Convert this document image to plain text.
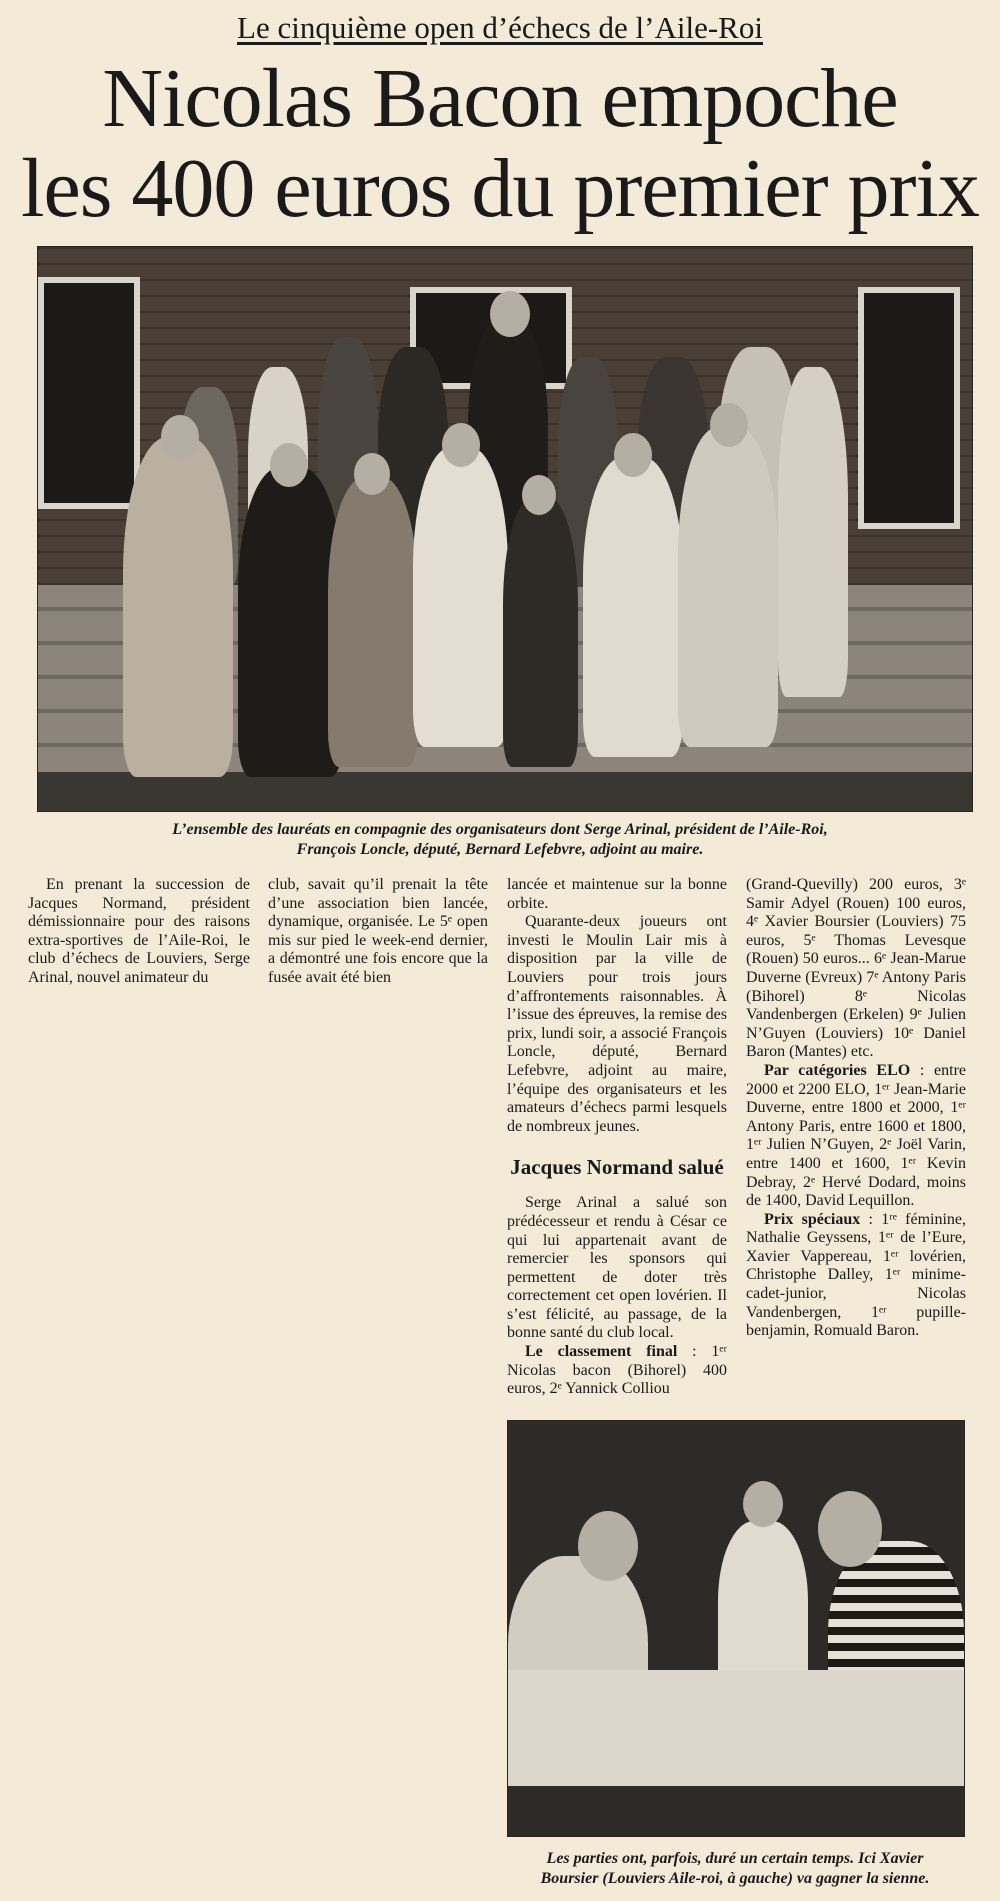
Le cinquième open d’échecs de l’Aile-Roi
Nicolas Bacon empoche
les 400 euros du premier prix
L’ensemble des lauréats en compagnie des organisateurs dont Serge Arinal, président de l’Aile-Roi,
François Loncle, député, Bernard Lefebvre, adjoint au maire.

En prenant la succession de Jacques Normand, président démissionnaire pour des raisons extra-sportives de l’Aile-Roi, le club d’échecs de Louviers, Serge Arinal, nouvel animateur du

club, savait qu’il prenait la tête d’une association bien lancée, dynamique, organisée. Le 5ᵉ open mis sur pied le week-end dernier, a démontré une fois encore que la fusée avait été bien

lancée et maintenue sur la bonne orbite.

Quarante-deux joueurs ont investi le Moulin Lair mis à disposition par la ville de Louviers pour trois jours d’affrontements raisonnables. À l’issue des épreuves, la remise des prix, lundi soir, a associé François Loncle, député, Bernard Lefebvre, adjoint au maire, l’équipe des organisateurs et les amateurs d’échecs parmi lesquels de nombreux jeunes.

Jacques Normand salué

Serge Arinal a salué son prédécesseur et rendu à César ce qui lui appartenait avant de remercier les sponsors qui permettent de doter très correctement cet open lovérien. Il s’est félicité, au passage, de la bonne santé du club local.

Le classement final : 1ᵉʳ Nicolas bacon (Bihorel) 400 euros, 2ᵉ Yannick Colliou

(Grand-Quevilly) 200 euros, 3ᵉ Samir Adyel (Rouen) 100 euros, 4ᵉ Xavier Boursier (Louviers) 75 euros, 5ᵉ Thomas Levesque (Rouen) 50 euros... 6ᵉ Jean-Marue Duverne (Evreux) 7ᵉ Antony Paris (Bihorel) 8ᵉ Nicolas Vandenbergen (Erkelen) 9ᵉ Julien N’Guyen (Louviers) 10ᵉ Daniel Baron (Mantes) etc.

Par catégories ELO : entre 2000 et 2200 ELO, 1ᵉʳ Jean-Marie Duverne, entre 1800 et 2000, 1ᵉʳ Antony Paris, entre 1600 et 1800, 1ᵉʳ Julien N’Guyen, 2ᵉ Joël Varin, entre 1400 et 1600, 1ᵉʳ Kevin Debray, 2ᵉ Hervé Dodard, moins de 1400, David Lequillon.

Prix spéciaux : 1ʳᵉ féminine, Nathalie Geyssens, 1ᵉʳ de l’Eure, Xavier Vappereau, 1ᵉʳ lovérien, Christophe Dalley, 1ᵉʳ minime-cadet-junior, Nicolas Vandenbergen, 1ᵉʳ pupille-benjamin, Romuald Baron.

Les parties ont, parfois, duré un certain temps. Ici Xavier
Boursier (Louviers Aile-roi, à gauche) va gagner la sienne.
